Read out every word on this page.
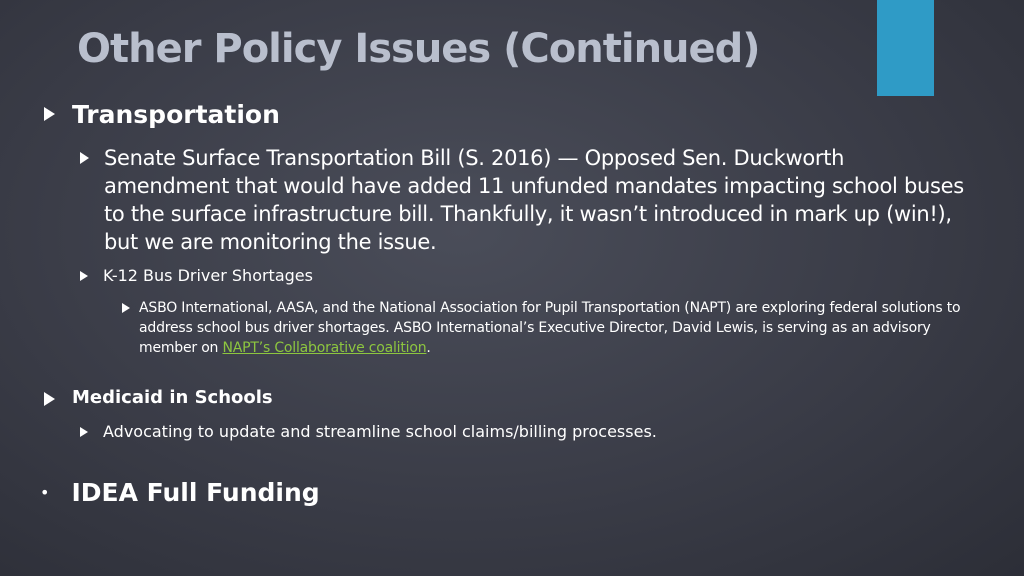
Other Policy Issues (Continued)
Transportation
Senate Surface Transportation Bill (S. 2016) — Opposed Sen. Duckworth amendment that would have added 11 unfunded mandates impacting school buses to the surface infrastructure bill. Thankfully, it wasn’t introduced in mark up (win!), but we are monitoring the issue.
K-12 Bus Driver Shortages
ASBO International, AASA, and the National Association for Pupil Transportation (NAPT) are exploring federal solutions to address school bus driver shortages. ASBO International’s Executive Director, David Lewis, is serving as an advisory member on NAPT’s Collaborative coalition.
Medicaid in Schools
Advocating to update and streamline school claims/billing processes.
• IDEA Full Funding
